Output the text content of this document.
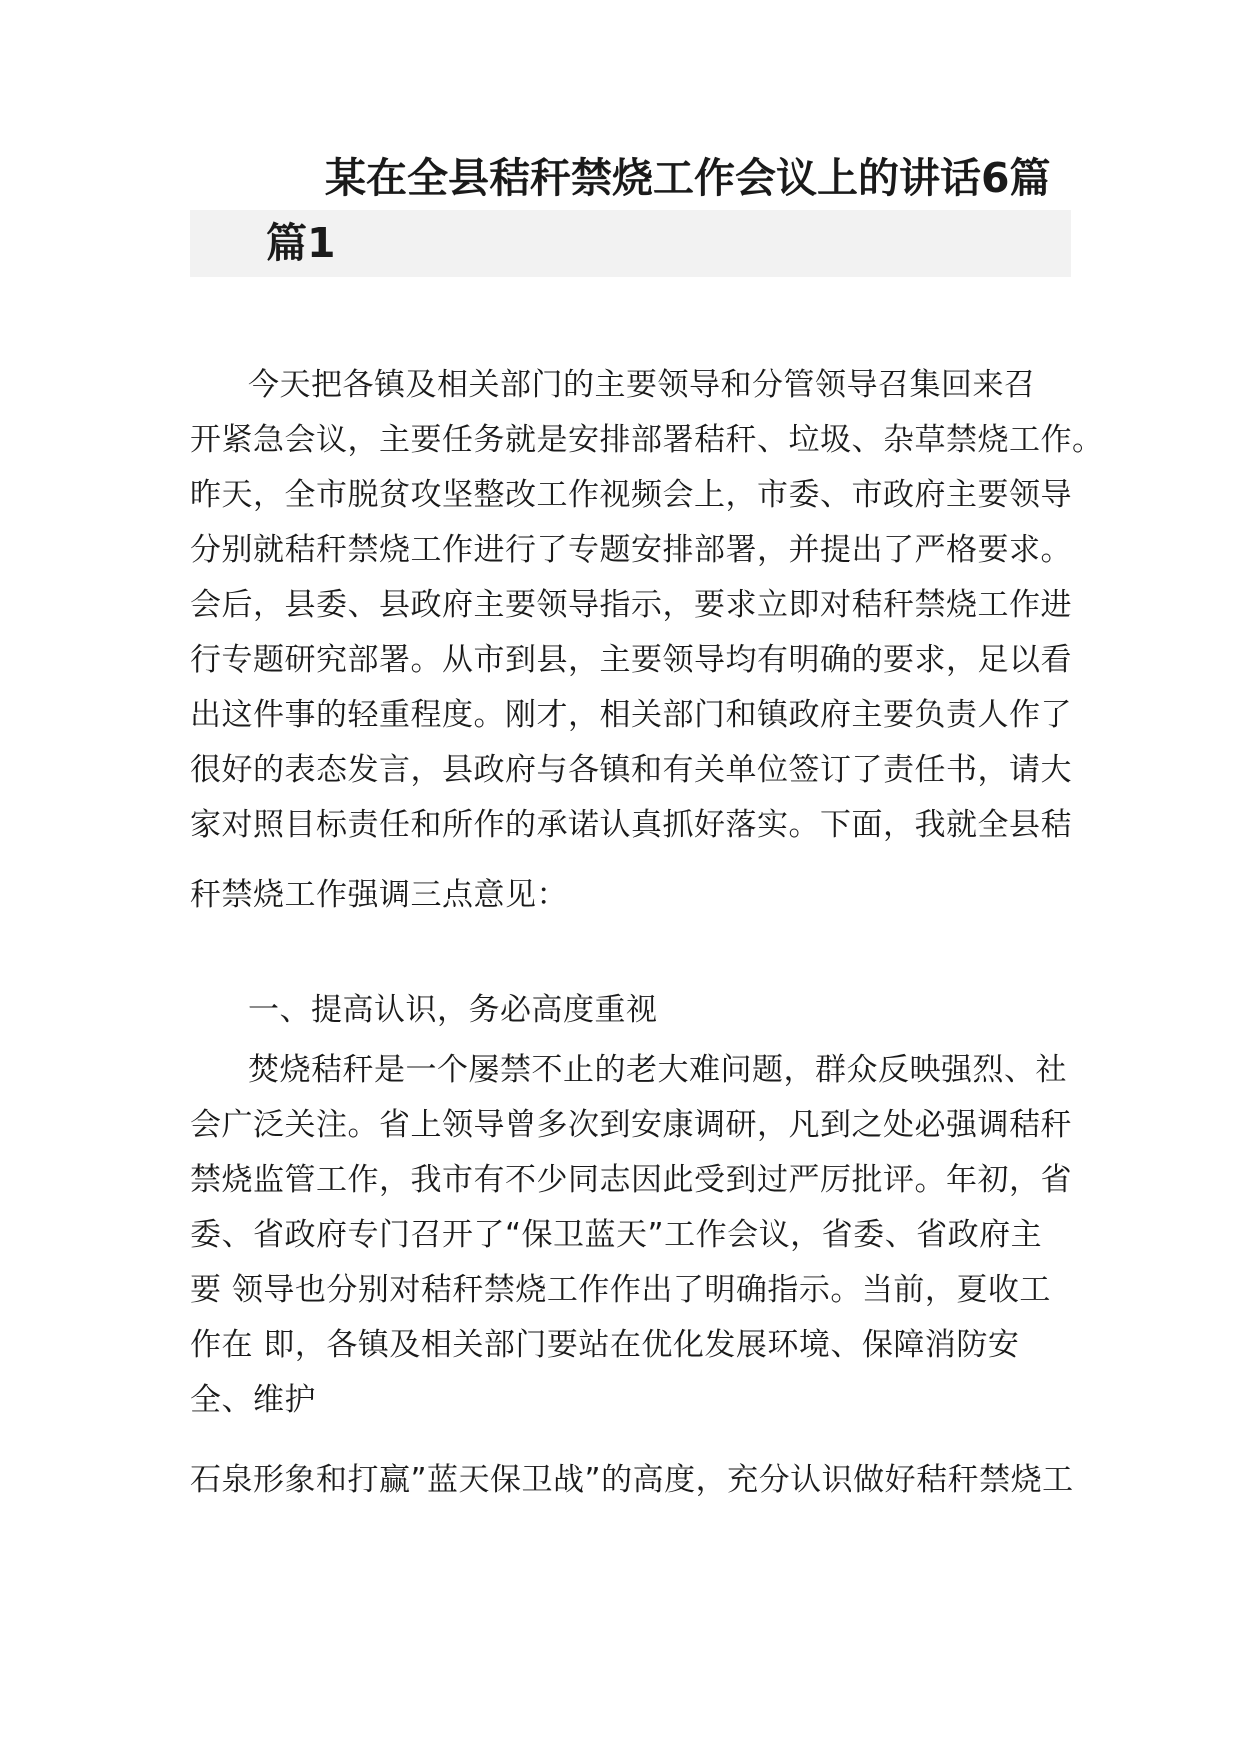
某在全县秸秆禁烧工作会议上的讲话6篇
篇1

今天把各镇及相关部门的主要领导和分管领导召集回来召

开紧急会议，主要任务就是安排部署秸秆、垃圾、杂草禁烧工作。

昨天，全市脱贫攻坚整改工作视频会上，市委、市政府主要领导

分别就秸秆禁烧工作进行了专题安排部署，并提出了严格要求。

会后，县委、县政府主要领导指示，要求立即对秸秆禁烧工作进

行专题研究部署。从市到县，主要领导均有明确的要求，足以看

出这件事的轻重程度。刚才，相关部门和镇政府主要负责人作了

很好的表态发言，县政府与各镇和有关单位签订了责任书，请大

家对照目标责任和所作的承诺认真抓好落实。下面，我就全县秸

秆禁烧工作强调三点意见：

一、提高认识，务必高度重视

焚烧秸秆是一个屡禁不止的老大难问题，群众反映强烈、社

会广泛关注。省上领导曾多次到安康调研，凡到之处必强调秸秆

禁烧监管工作，我市有不少同志因此受到过严厉批评。年初，省

委、省政府专门召开了“保卫蓝天”工作会议，省委、省政府主

要 领导也分别对秸秆禁烧工作作出了明确指示。当前，夏收工

作在 即，各镇及相关部门要站在优化发展环境、保障消防安

全、维护

石泉形象和打赢”蓝天保卫战”的高度，充分认识做好秸秆禁烧工
